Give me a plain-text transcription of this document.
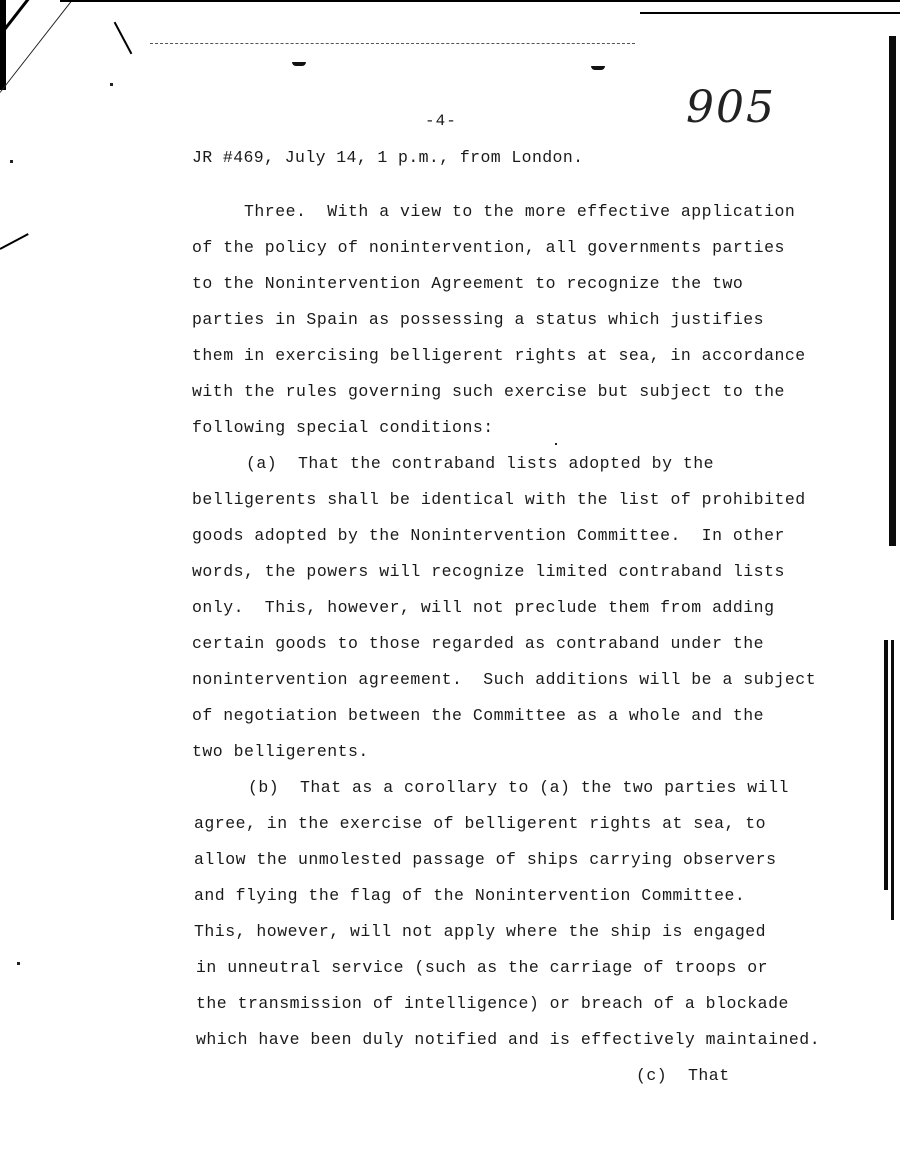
905
-4-
JR #469, July 14, 1 p.m., from London.
Three.  With a view to the more effective application
of the policy of nonintervention, all governments parties
to the Nonintervention Agreement to recognize the two
parties in Spain as possessing a status which justifies
them in exercising belligerent rights at sea, in accordance
with the rules governing such exercise but subject to the
following special conditions:
(a)  That the contraband lists adopted by the
belligerents shall be identical with the list of prohibited
goods adopted by the Nonintervention Committee.  In other
words, the powers will recognize limited contraband lists
only.  This, however, will not preclude them from adding
certain goods to those regarded as contraband under the
nonintervention agreement.  Such additions will be a subject
of negotiation between the Committee as a whole and the
two belligerents.
(b)  That as a corollary to (a) the two parties will
agree, in the exercise of belligerent rights at sea, to
allow the unmolested passage of ships carrying observers
and flying the flag of the Nonintervention Committee.
This, however, will not apply where the ship is engaged
in unneutral service (such as the carriage of troops or
the transmission of intelligence) or breach of a blockade
which have been duly notified and is effectively maintained.
(c)  That
